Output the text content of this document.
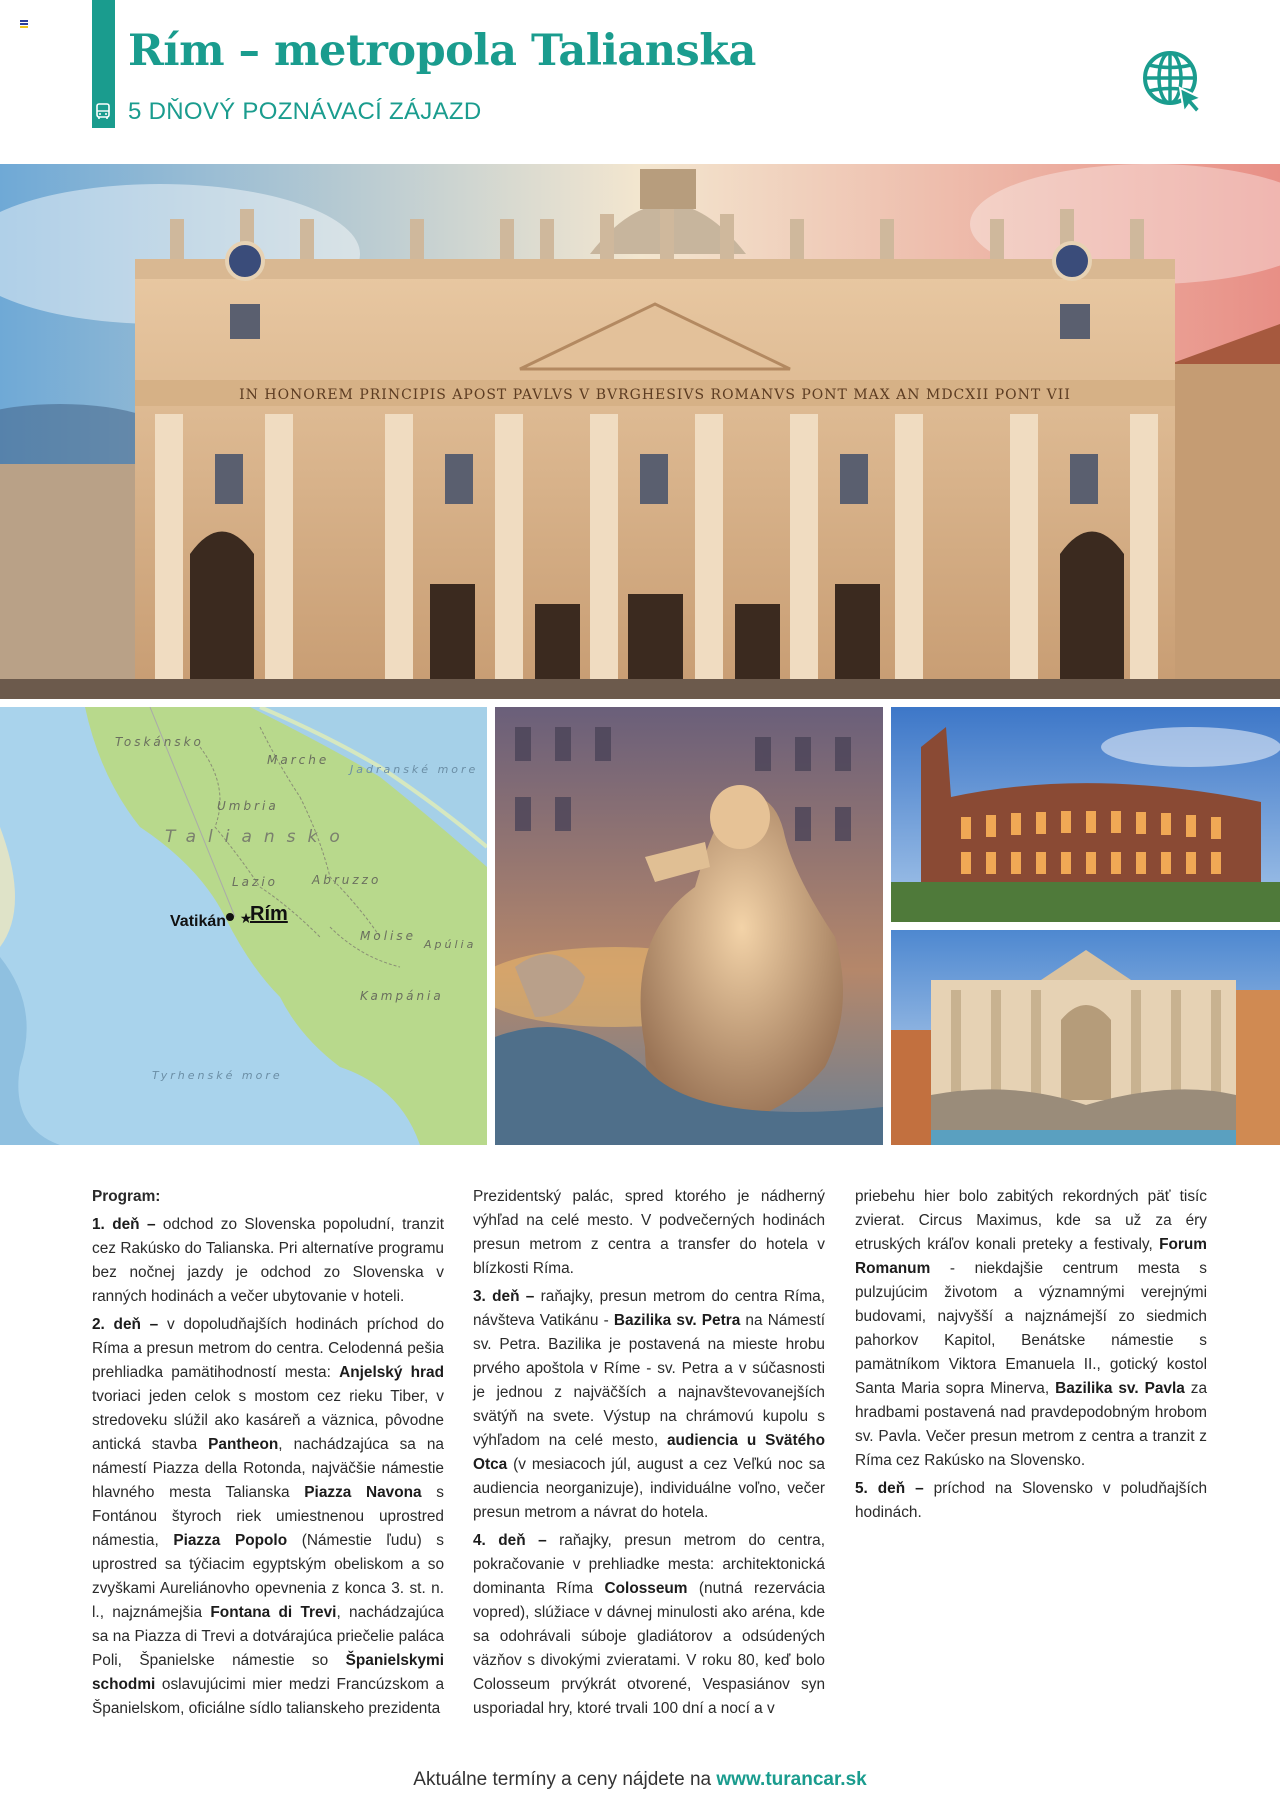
Rím – metropola Talianska
5 DŇOVÝ POZNÁVACÍ ZÁJAZD
IN HONOREM PRINCIPIS APOST PAVLVS V BVRGHESIVS ROMANVS PONT MAX AN MDCXII PONT VII
★
Toskánsko
Marche
Jadranské more
Umbria
Taliansko
Lazio	Abruzzo
Molise
Apúlia
Kampánia
Tyrhenské more
Vatikán Rím
Program:

1. deň – odchod zo Slovenska popoludní, tranzit cez Rakúsko do Talianska. Pri alternatíve programu bez nočnej jazdy je odchod zo Slovenska v ranných hodinách a večer ubytovanie v hoteli.

2. deň – v dopoludňajších hodinách príchod do Ríma a presun metrom do centra. Celodenná pešia prehliadka pamätihodností mesta: Anjelský hrad tvoriaci jeden celok s mostom cez rieku Tiber, v stredoveku slúžil ako kasáreň a väznica, pôvodne antická stavba Pantheon, nachádzajúca sa na námestí Piazza della Rotonda, najväčšie námestie hlavného mesta Talianska Piazza Navona s Fontánou štyroch riek umiestnenou uprostred námestia, Piazza Popolo (Námestie ľudu) s uprostred sa týčiacim egyptským obeliskom a so zvyškami Aureliánovho opevnenia z konca 3. st. n. l., najznámejšia Fontana di Trevi, nachádzajúca sa na Piazza di Trevi a dotvárajúca priečelie paláca Poli, Španielske námestie so Španielskymi schodmi oslavujúcimi mier medzi Francúzskom a Španielskom, oficiálne sídlo talianskeho prezidenta

Prezidentský palác, spred ktorého je nádherný výhľad na celé mesto. V podvečerných hodinách presun metrom z centra a transfer do hotela v blízkosti Ríma.

3. deň – raňajky, presun metrom do centra Ríma, návšteva Vatikánu - Bazilika sv. Petra na Námestí sv. Petra. Bazilika je postavená na mieste hrobu prvého apoštola v Ríme - sv. Petra a v súčasnosti je jednou z najväčších a najnavštevovanejších svätýň na svete. Výstup na chrámovú kupolu s výhľadom na celé mesto, audiencia u Svätého Otca (v mesiacoch júl, august a cez Veľkú noc sa audiencia neorganizuje), individuálne voľno, večer presun metrom a návrat do hotela.

4. deň – raňajky, presun metrom do centra, pokračovanie v prehliadke mesta: architektonická dominanta Ríma Colosseum (nutná rezervácia vopred), slúžiace v dávnej minulosti ako aréna, kde sa odohrávali súboje gladiátorov a odsúdených väzňov s divokými zvieratami. V roku 80, keď bolo Colosseum prvýkrát otvorené, Vespasiánov syn usporiadal hry, ktoré trvali 100 dní a nocí a v

priebehu hier bolo zabitých rekordných päť tisíc zvierat. Circus Maximus, kde sa už za éry etruských kráľov konali preteky a festivaly, Forum Romanum - niekdajšie centrum mesta s pulzujúcim životom a významnými verejnými budovami, najvyšší a najznámejší zo siedmich pahorkov Kapitol, Benátske námestie s pamätníkom Viktora Emanuela II., gotický kostol Santa Maria sopra Minerva, Bazilika sv. Pavla za hradbami postavená nad pravdepodobným hrobom sv. Pavla. Večer presun metrom z centra a tranzit z Ríma cez Rakúsko na Slovensko.

5. deň – príchod na Slovensko v poludňajších hodinách.

Aktuálne termíny a ceny nájdete na www.turancar.sk
